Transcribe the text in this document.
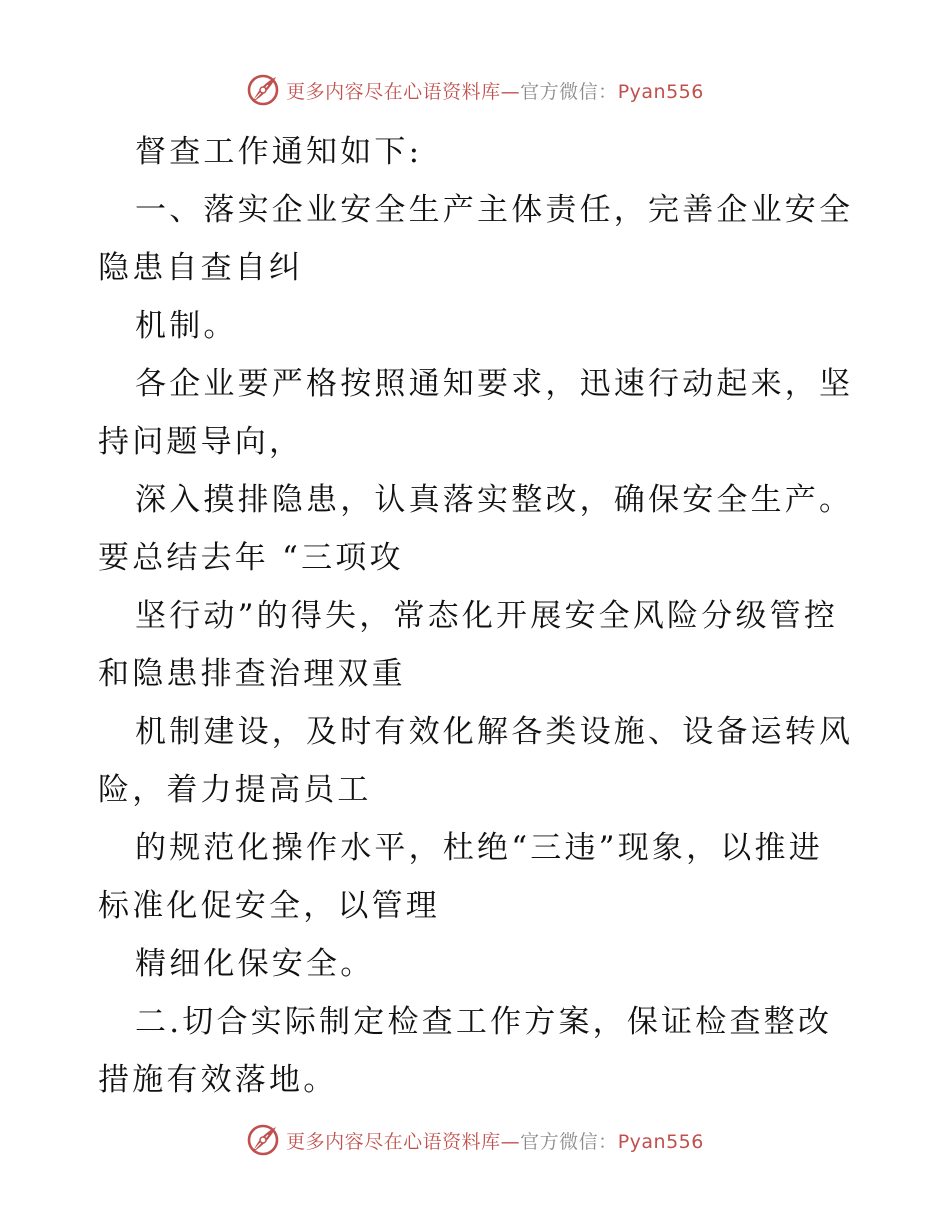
更多内容尽在心语资料库—官方微信：Pyan556
督查工作通知如下:
一、落实企业安全生产主体责任，完善企业安全
隐患自查自纠
机制。
各企业要严格按照通知要求，迅速行动起来，坚
持问题导向，
深入摸排隐患，认真落实整改，确保安全生产。
要总结去年 “三项攻
坚行动”的得失，常态化开展安全风险分级管控
和隐患排查治理双重
机制建设，及时有效化解各类设施、设备运转风
险，着力提高员工
的规范化操作水平，杜绝“三违”现象，以推进
标准化促安全，以管理
精细化保安全。
二.切合实际制定检查工作方案，保证检查整改
措施有效落地。
更多内容尽在心语资料库—官方微信：Pyan556
